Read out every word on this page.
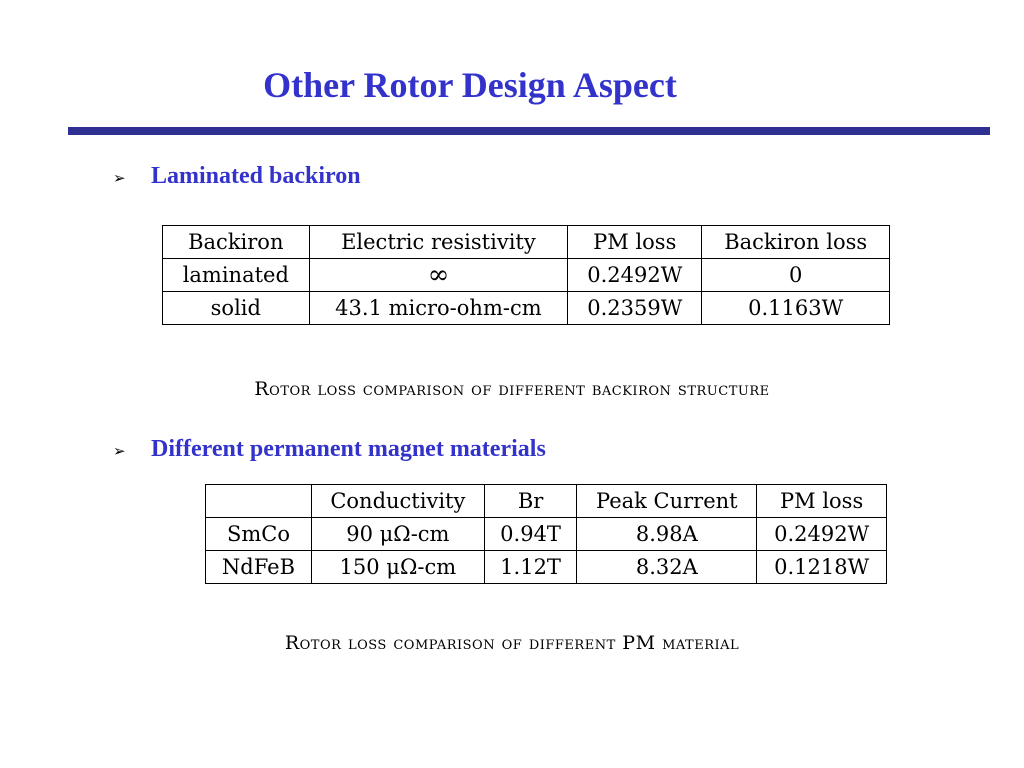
Other Rotor Design Aspect
➢	Laminated backiron
Backiron	Electric resistivity	PM loss	Backiron loss
laminated	∞	0.2492W	0
solid	43.1 micro-ohm-cm	0.2359W	0.1163W
Rotor loss comparison of different backiron structure
➢	Different permanent magnet materials
	Conductivity	Br	Peak Current	PM loss
SmCo	90 μΩ-cm	0.94T	8.98A	0.2492W
NdFeB	150 μΩ-cm	1.12T	8.32A	0.1218W
Rotor loss comparison of different PM material
